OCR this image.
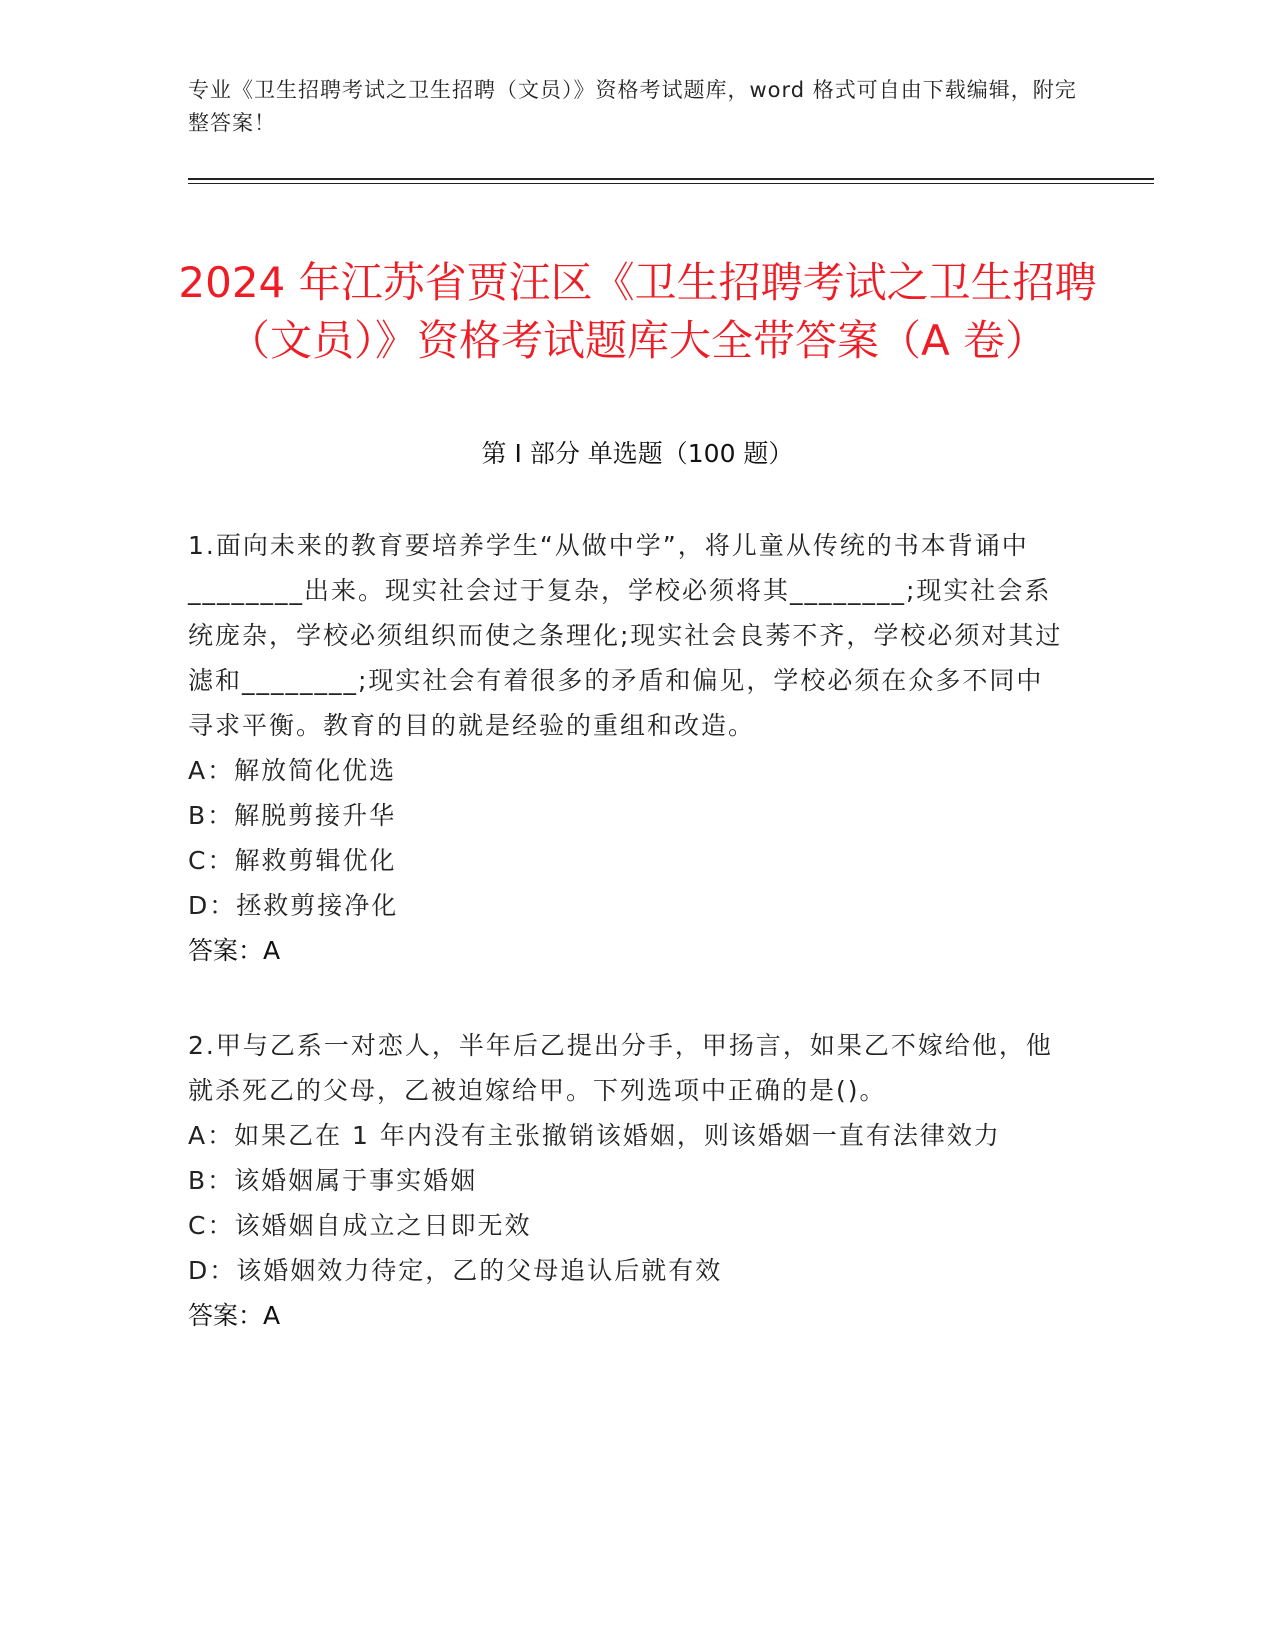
专业《卫生招聘考试之卫生招聘（文员）》资格考试题库，word 格式可自由下载编辑，附完整答案！
2024 年江苏省贾汪区《卫生招聘考试之卫生招聘（文员）》资格考试题库大全带答案（A 卷）
第 I 部分 单选题（100 题）

1.面向未来的教育要培养学生“从做中学”，将儿童从传统的书本背诵中________出来。现实社会过于复杂，学校必须将其________;现实社会系统庞杂，学校必须组织而使之条理化;现实社会良莠不齐，学校必须对其过滤和________;现实社会有着很多的矛盾和偏见，学校必须在众多不同中寻求平衡。教育的目的就是经验的重组和改造。

A：解放简化优选

B：解脱剪接升华

C：解救剪辑优化

D：拯救剪接净化

答案：A

2.甲与乙系一对恋人，半年后乙提出分手，甲扬言，如果乙不嫁给他，他就杀死乙的父母，乙被迫嫁给甲。下列选项中正确的是()。

A：如果乙在 1 年内没有主张撤销该婚姻，则该婚姻一直有法律效力

B：该婚姻属于事实婚姻

C：该婚姻自成立之日即无效

D：该婚姻效力待定，乙的父母追认后就有效

答案：A
